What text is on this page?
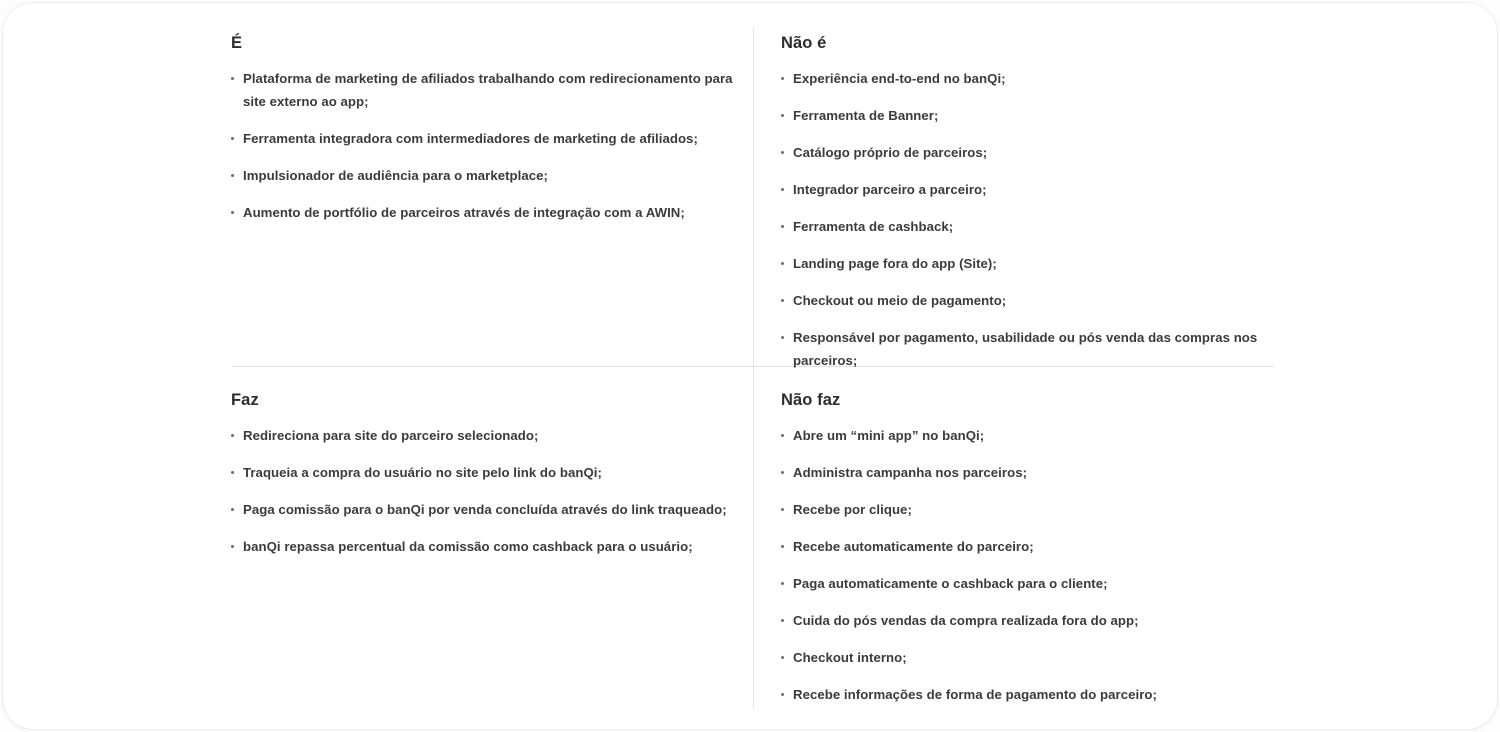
É
Plataforma de marketing de afiliados trabalhando com redirecionamento para site externo ao app;
Ferramenta integradora com intermediadores de marketing de afiliados;
Impulsionador de audiência para o marketplace;
Aumento de portfólio de parceiros através de integração com a AWIN;
Não é
Experiência end-to-end no banQi;
Ferramenta de Banner;
Catálogo próprio de parceiros;
Integrador parceiro a parceiro;
Ferramenta de cashback;
Landing page fora do app (Site);
Checkout ou meio de pagamento;
Responsável por pagamento, usabilidade ou pós venda das compras nos parceiros;
Faz
Redireciona para site do parceiro selecionado;
Traqueia a compra do usuário no site pelo link do banQi;
Paga comissão para o banQi por venda concluída através do link traqueado;
banQi repassa percentual da comissão como cashback para o usuário;
Não faz
Abre um “mini app” no banQi;
Administra campanha nos parceiros;
Recebe por clique;
Recebe automaticamente do parceiro;
Paga automaticamente o cashback para o cliente;
Cuida do pós vendas da compra realizada fora do app;
Checkout interno;
Recebe informações de forma de pagamento do parceiro;
